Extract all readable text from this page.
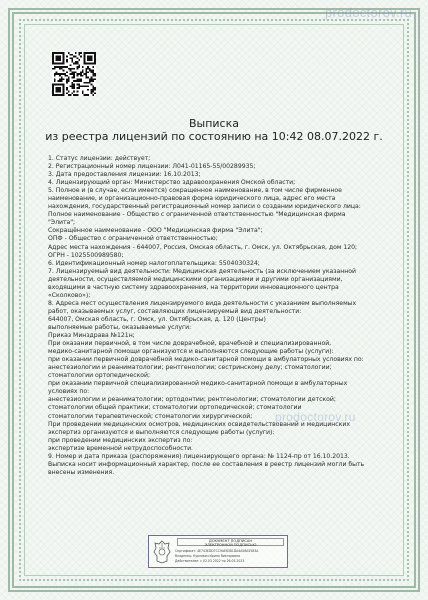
Выписка
из реестра лицензий по состоянию на 10:42 08.07.2022 г.
1. Статус лицензии: действует;
2. Регистрационный номер лицензии: Л041-01165-55/00289935;
3. Дата предоставления лицензии: 16.10.2013;
4. Лицензирующий орган: Министерство здравоохранения Омской области;
5. Полное и (в случае, если имеется) сокращенное наименование, в том числе фирменное
наименование, и организационно-правовая форма юридического лица, адрес его места
нахождения, государственный регистрационный номер записи о создании юридического лица:
Полное наименование - Общество с ограниченной ответственностью "Медицинская фирма
"Элита";
Сокращённое наименование - ООО "Медицинская фирма "Элита";
ОПФ - Общество с ограниченной ответственностью;
Адрес места нахождения - 644007, Россия, Омская область, г. Омск, ул. Октябрьская, дом 120;
ОГРН - 1025500989580;
6. Идентификационный номер налогоплательщика: 5504030324;
7. Лицензируемый вид деятельности: Медицинская деятельность (за исключением указанной
деятельности, осуществляемой медицинскими организациями и другими организациями,
входящими в частную систему здравоохранения, на территории инновационного центра
«Сколково»);
8. Адреса мест осуществления лицензируемого вида деятельности с указанием выполняемых
работ, оказываемых услуг, составляющих лицензируемый вид деятельности:
644007, Омская область, г. Омск, ул. Октябрьская, д. 120 (Центры)
выполняемые работы, оказываемые услуги:
Приказ Минздрава №121н;
При оказании первичной, в том числе доврачебной, врачебной и специализированной,
медико-санитарной помощи организуются и выполняются следующие работы (услуги):
при оказании первичной доврачебной медико-санитарной помощи в амбулаторных условиях по:
анестезиологии и реаниматологии; рентгенологии; сестринскому делу; стоматологии;
стоматологии ортопедической;
при оказании первичной специализированной медико-санитарной помощи в амбулаторных
условиях по:
анестезиологии и реаниматологии; ортодонтии; рентгенологии; стоматологии детской;
стоматологии общей практики; стоматологии ортопедической; стоматологии
стоматологии терапевтической; стоматологии хирургической;
При проведении медицинских осмотров, медицинских освидетельствований и медицинских
экспертиз организуются и выполняются следующие работы (услуги):
при проведении медицинских экспертиз по:
экспертизе временной нетрудоспособности.
9. Номер и дата приказа (распоряжения) лицензирующего органа: № 1124-пр от 16.10.2013.
Выписка носит информационный характер, после ее составления в реестр лицензий могли быть
внесены изменения.
ДОКУМЕНТ ПОДПИСАН
ЭЛЕКТРОННОЙ ПОДПИСЬЮ
Сертификат: 4E743EDD7CC9AE6381DA4A58A5583A
Владелец: Курлович Ирина Викторовна
Действителен: с 02.03.2022 по 26.05.2023
prodoctorov.ru
prodoctorov.ru
